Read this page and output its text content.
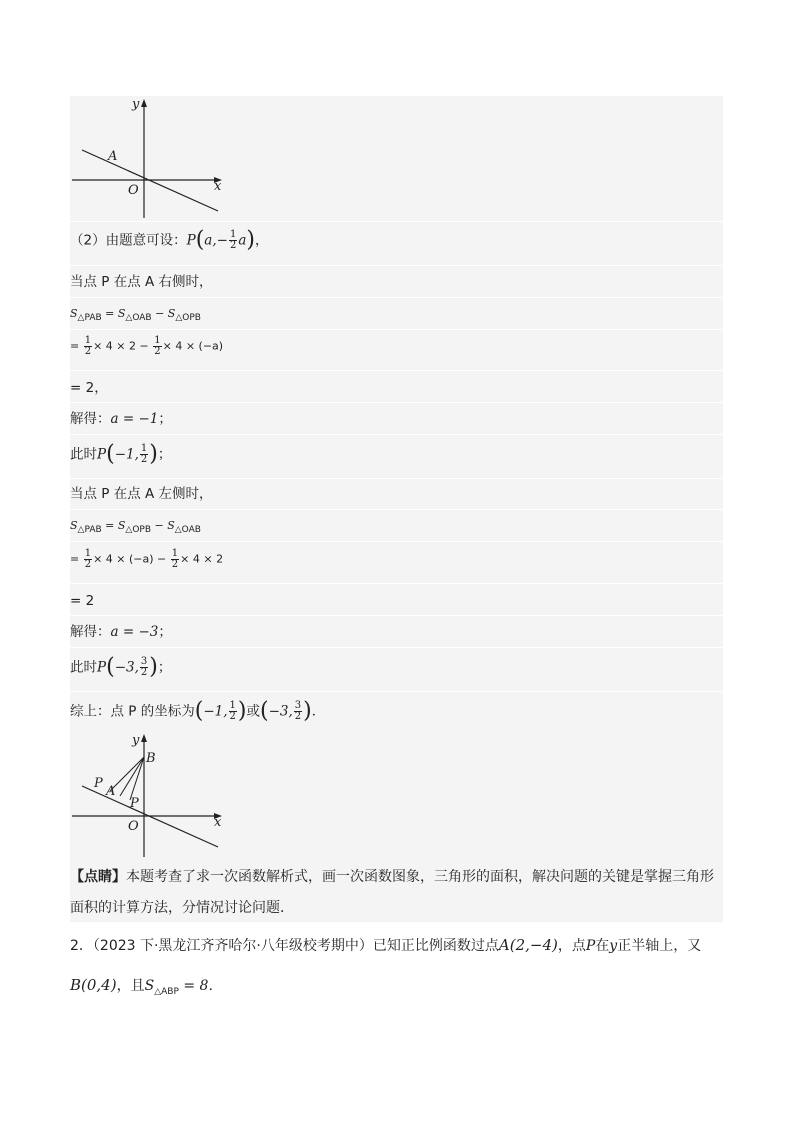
y
x
O
A
（2）由题意可设：$P(a,- \frac{1}{2} a)$，
当点 P 在点 A 右侧时，
$S_{\triangle PAB} = S_{\triangle OAB} - S_{\triangle OPB}$
= $\frac{1}{2} \times 4 \times 2 - \frac{1}{2} \times 4 \times (-a)$
= 2，
解得：a = −1；
此时P(−1, $\frac{1}{2}$ )；
当点 P 在点 A 左侧时，
$S_{\triangle PAB} = S_{\triangle OPB} - S_{\triangle OAB}$
= $\frac{1}{2} \times 4 \times (-a) - \frac{1}{2} \times 4 \times 2$
= 2
解得：a = −3；
此时P(−3, $\frac{3}{2}$ )；
综上：点 P 的坐标为(−1, $\frac{1}{2}$ )或(−3, $\frac{3}{2}$ )．
y
x
O
B
P
A
P
【点睛】本题考查了求一次函数解析式，画一次函数图象，三角形的面积，解决问题的关键是掌握三角形
面积的计算方法，分情况讨论问题．
2．（2023 下·黑龙江齐齐哈尔·八年级校考期中）已知正比例函数过点A(2,−4)，点P在y正半轴上，又
B(0,4)，且$S_{\triangle ABP} = 8$．
